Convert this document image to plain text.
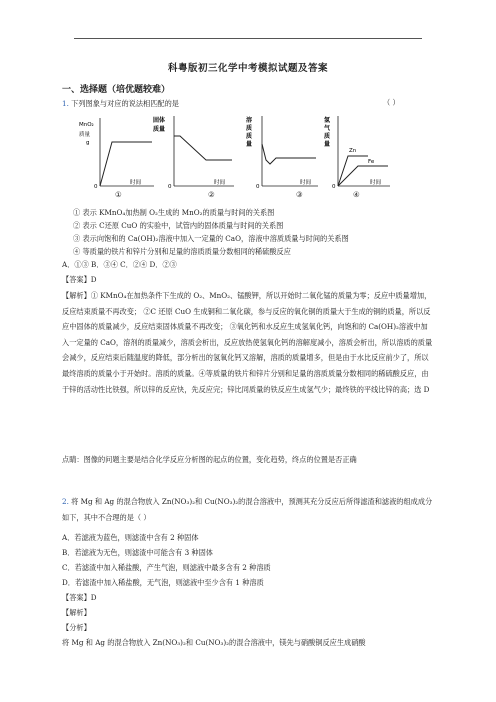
科粤版初三化学中考模拟试题及答案
一、选择题（培优题较难）
1. 下列图象与对应的说法相匹配的是	（ ）
MnO₂
质量
g
0
时间
固体
质量
0
时间
溶
质
质
量
0
时间
氢
气
质
量
Zn
Fe
0
时间
①	②	③	④
① 表示 KMnO₄加热制 O₂生成的 MnO₂的质量与时间的关系图
② 表示 C还原 CuO 的实验中，试管内的固体质量与时间的关系图
③ 表示向饱和的 Ca(OH)₂溶液中加入一定量的 CaO，溶液中溶质质量与时间的关系图
④ 等质量的铁片和锌片分别和足量的溶质质量分数相同的稀硫酸反应
A．①③ B．③④ C．②④ D．②③
【答案】D
【解析】① KMnO₄在加热条件下生成的 O₂、MnO₂、锰酸钾，所以开始时二氧化锰的质量为零；反应中质量增加，反应结束质量不再改变； ②C 还原 CuO 生成铜和二氧化碳，参与反应的氧化铜的质量大于生成的铜的质量，所以反应中固体的质量减少，反应结束固体质量不再改变； ③氧化钙和水反应生成氢氧化钙，向饱和的 Ca(OH)₂溶液中加入一定量的 CaO，溶剂的质量减少，溶质会析出，反应放热使氢氧化钙的溶解度减小，溶质会析出，所以溶质的质量会减少，反应结束后随温度的降低，部分析出的氢氧化钙又溶解，溶质的质量增多，但是由于水比反应前少了，所以最终溶质的质量小于开始时。溶质的质量。④等质量的铁片和锌片分别和足量的溶质质量分数相同的稀硫酸反应，由于锌的活动性比铁强，所以锌的反应快，先反应完；锌比同质量的铁反应生成氢气少；最终铁的平线比锌的高；选 D
点睛：图像的问题主要是结合化学反应分析图的起点的位置，变化趋势，终点的位置是否正确
2. 将 Mg 和 Ag 的混合物放入 Zn(NO₃)₂和 Cu(NO₃)₂的混合溶液中，预测其充分反应后所得滤渣和滤液的组成成分如下，其中不合理的是（ ）
A．若滤液为蓝色，则滤渣中含有 2 种固体
B．若滤液为无色，则滤渣中可能含有 3 种固体
C．若滤渣中加入稀盐酸，产生气泡，则滤液中最多含有 2 种溶质
D．若滤渣中加入稀盐酸，无气泡，则滤液中至少含有 1 种溶质
【答案】D
【解析】
【分析】
将 Mg 和 Ag 的混合物放入 Zn(NO₃)₂和 Cu(NO₃)₂的混合溶液中，镁先与硝酸铜反应生成硝酸
